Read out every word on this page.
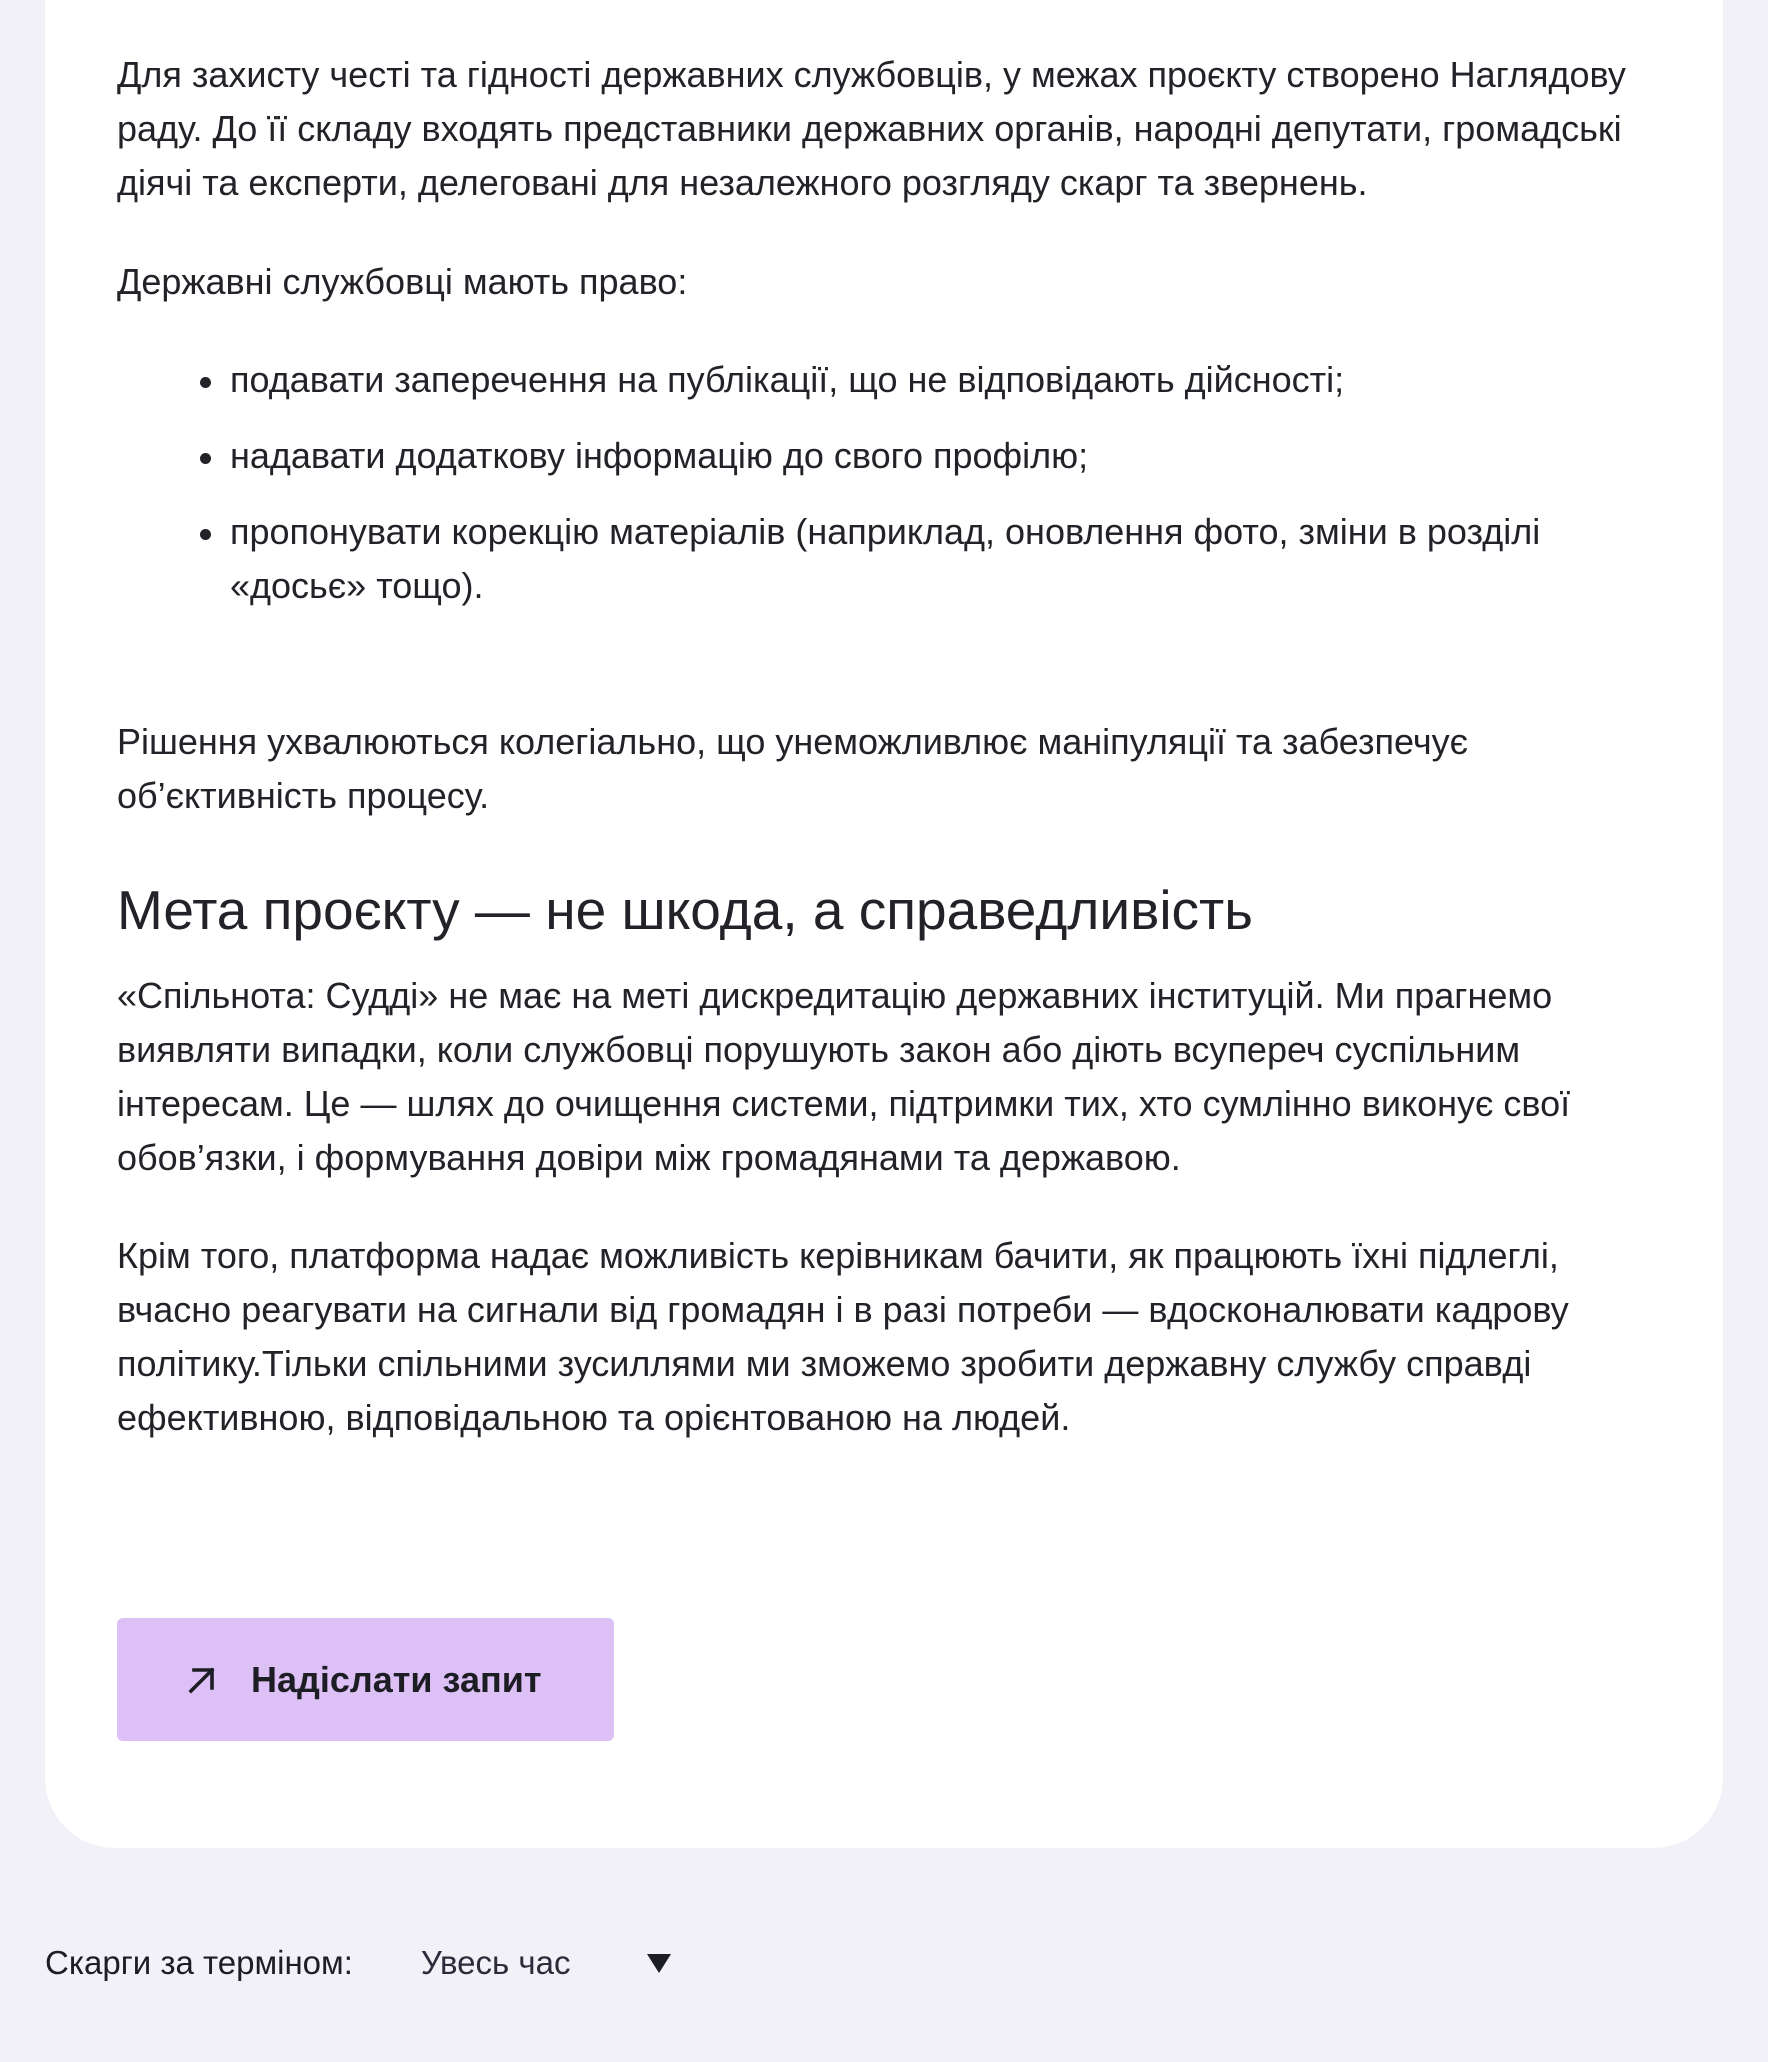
Для захисту честі та гідності державних службовців, у межах проєкту створено Наглядову раду. До її складу входять представники державних органів, народні депутати, громадські діячі та експерти, делеговані для незалежного розгляду скарг та звернень.

Державні службовці мають право:

подавати заперечення на публікації, що не відповідають дійсності;
надавати додаткову інформацію до свого профілю;
пропонувати корекцію матеріалів (наприклад, оновлення фото, зміни в розділі «досьє» тощо).

Рішення ухвалюються колегіально, що унеможливлює маніпуляції та забезпечує об’єктивність процесу.

Мета проєкту — не шкода, а справедливість

«Спільнота: Судді» не має на меті дискредитацію державних інституцій. Ми прагнемо виявляти випадки, коли службовці порушують закон або діють всупереч суспільним інтересам. Це — шлях до очищення системи, підтримки тих, хто сумлінно виконує свої обов’язки, і формування довіри між громадянами та державою.

Крім того, платформа надає можливість керівникам бачити, як працюють їхні підлеглі, вчасно реагувати на сигнали від громадян і в разі потреби — вдосконалювати кадрову політику.Тільки спільними зусиллями ми зможемо зробити державну службу справді ефективною, відповідальною та орієнтованою на людей.

Надіслати запит
Скарги за терміном: Увесь час
